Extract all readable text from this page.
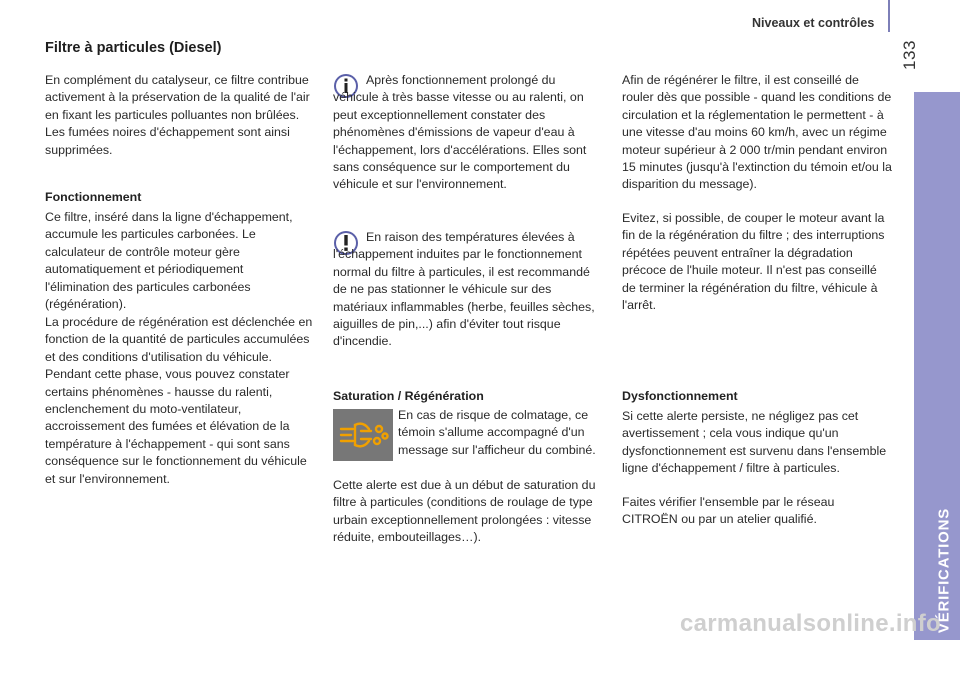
Niveaux et contrôles
133
VÉRIFICATIONS
7
Filtre à particules (Diesel)

En complément du catalyseur, ce filtre contribue activement à la préservation de la qualité de l'air en fixant les particules polluantes non brûlées. Les fumées noires d'échappement sont ainsi supprimées.

Fonctionnement

Ce filtre, inséré dans la ligne d'échappement, accumule les particules carbonées. Le calculateur de contrôle moteur gère automatiquement et périodiquement l'élimination des particules carbonées (régénération).

La procédure de régénération est déclenchée en fonction de la quantité de particules accumulées et des conditions d'utilisation du véhicule. Pendant cette phase, vous pouvez constater certains phénomènes - hausse du ralenti, enclenchement du moto-ventilateur, accroissement des fumées et élévation de la température à l'échappement - qui sont sans conséquence sur le fonctionnement du véhicule et sur l'environnement.

Après fonctionnement prolongé du véhicule à très basse vitesse ou au ralenti, on peut exceptionnellement constater des phénomènes d'émissions de vapeur d'eau à l'échappement, lors d'accélérations. Elles sont sans conséquence sur le comportement du véhicule et sur l'environnement.

En raison des températures élevées à l'échappement induites par le fonctionnement normal du filtre à particules, il est recommandé de ne pas stationner le véhicule sur des matériaux inflammables (herbe, feuilles sèches, aiguilles de pin,...) afin d'éviter tout risque d'incendie.

Saturation / Régénération

En cas de risque de colmatage, ce témoin s'allume accompagné d'un message sur l'afficheur du combiné.

Cette alerte est due à un début de saturation du filtre à particules (conditions de roulage de type urbain exceptionnellement prolongées : vitesse réduite, embouteillages…).

Afin de régénérer le filtre, il est conseillé de rouler dès que possible - quand les conditions de circulation et la réglementation le permettent - à une vitesse d'au moins 60 km/h, avec un régime moteur supérieur à 2 000 tr/min pendant environ 15 minutes (jusqu'à l'extinction du témoin et/ou la disparition du message).

Evitez, si possible, de couper le moteur avant la fin de la régénération du filtre ; des interruptions répétées peuvent entraîner la dégradation précoce de l'huile moteur. Il n'est pas conseillé de terminer la régénération du filtre, véhicule à l'arrêt.

Dysfonctionnement

Si cette alerte persiste, ne négligez pas cet avertissement ; cela vous indique qu'un dysfonctionnement est survenu dans l'ensemble ligne d'échappement / filtre à particules.

Faites vérifier l'ensemble par le réseau CITROËN ou par un atelier qualifié.

carmanualsonline.info
